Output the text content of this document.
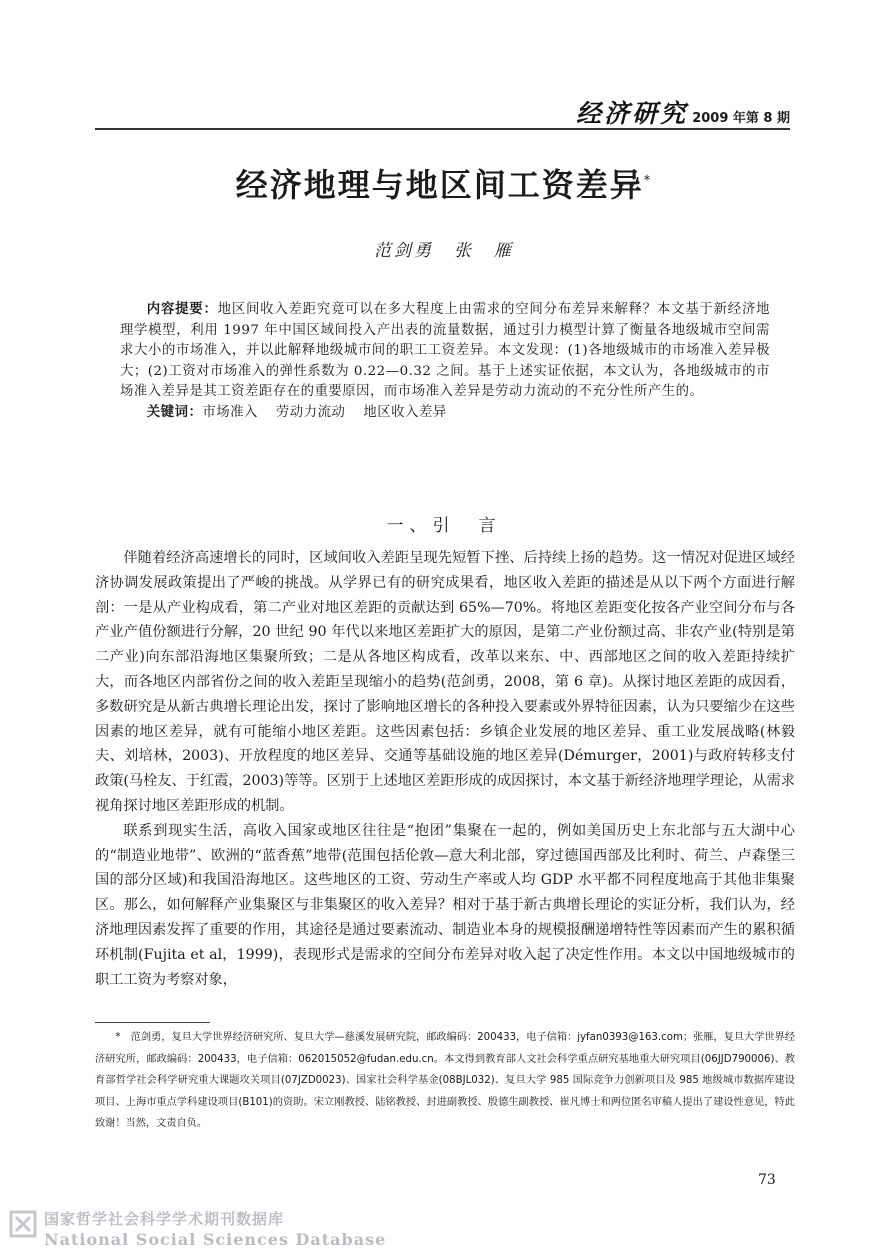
经济研究 2009 年第 8 期
经济地理与地区间工资差异*
范剑勇　张　雁

内容提要：地区间收入差距究竟可以在多大程度上由需求的空间分布差异来解释？本文基于新经济地理学模型，利用 1997 年中国区域间投入产出表的流量数据，通过引力模型计算了衡量各地级城市空间需求大小的市场准入，并以此解释地级城市间的职工工资差异。本文发现：(1)各地级城市的市场准入差异极大；(2)工资对市场准入的弹性系数为 0.22—0.32 之间。基于上述实证依据，本文认为，各地级城市的市场准入差异是其工资差距存在的重要原因，而市场准入差异是劳动力流动的不充分性所产生的。

关键词：市场准入 劳动力流动 地区收入差异

一、引　言

伴随着经济高速增长的同时，区域间收入差距呈现先短暂下挫、后持续上扬的趋势。这一情况对促进区域经济协调发展政策提出了严峻的挑战。从学界已有的研究成果看，地区收入差距的描述是从以下两个方面进行解剖：一是从产业构成看，第二产业对地区差距的贡献达到 65%—70%。将地区差距变化按各产业空间分布与各产业产值份额进行分解，20 世纪 90 年代以来地区差距扩大的原因，是第二产业份额过高、非农产业(特别是第二产业)向东部沿海地区集聚所致；二是从各地区构成看，改革以来东、中、西部地区之间的收入差距持续扩大，而各地区内部省份之间的收入差距呈现缩小的趋势(范剑勇，2008，第 6 章)。从探讨地区差距的成因看，多数研究是从新古典增长理论出发，探讨了影响地区增长的各种投入要素或外界特征因素，认为只要缩少在这些因素的地区差异，就有可能缩小地区差距。这些因素包括：乡镇企业发展的地区差异、重工业发展战略(林毅夫、刘培林，2003)、开放程度的地区差异、交通等基础设施的地区差异(Démurger，2001)与政府转移支付政策(马栓友、于红霞，2003)等等。区别于上述地区差距形成的成因探讨，本文基于新经济地理学理论，从需求视角探讨地区差距形成的机制。

联系到现实生活，高收入国家或地区往往是“抱团”集聚在一起的，例如美国历史上东北部与五大湖中心的“制造业地带”、欧洲的“蓝香蕉”地带(范围包括伦敦—意大利北部，穿过德国西部及比利时、荷兰、卢森堡三国的部分区域)和我国沿海地区。这些地区的工资、劳动生产率或人均 GDP 水平都不同程度地高于其他非集聚区。那么，如何解释产业集聚区与非集聚区的收入差异？相对于基于新古典增长理论的实证分析，我们认为，经济地理因素发挥了重要的作用，其途径是通过要素流动、制造业本身的规模报酬递增特性等因素而产生的累积循环机制(Fujita et al，1999)，表现形式是需求的空间分布差异对收入起了决定性作用。本文以中国地级城市的职工工资为考察对象，

*　范剑勇，复旦大学世界经济研究所、复旦大学—慈溪发展研究院，邮政编码：200433，电子信箱：jyfan0393@163.com；张雁，复旦大学世界经济研究所，邮政编码：200433，电子信箱：062015052@fudan.edu.cn。本文得到教育部人文社会科学重点研究基地重大研究项目(06JJD790006)、教育部哲学社会科学研究重大课题攻关项目(07JZD0023)、国家社会科学基金(08BJL032)、复旦大学 985 国际竞争力创新项目及 985 地级城市数据库建设项目、上海市重点学科建设项目(B101)的资助。宋立刚教授、陆铭教授、封进副教授、殷德生副教授、崔凡博士和两位匿名审稿人提出了建设性意见，特此致谢！当然，文责自负。

73
国家哲学社会科学学术期刊数据库
National Social Sciences Database
